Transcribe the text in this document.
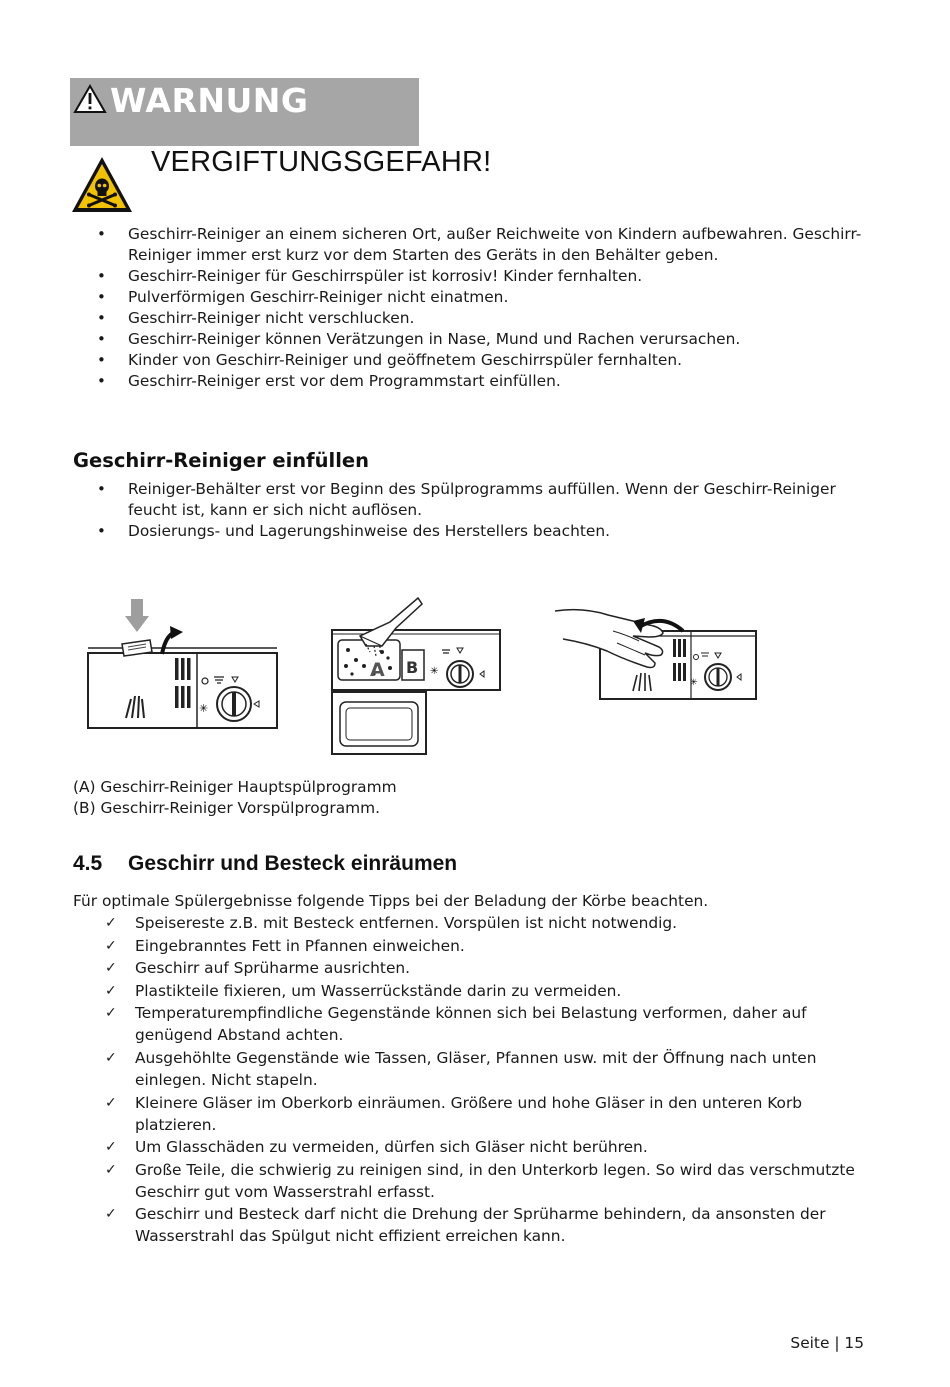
WARNUNG
VERGIFTUNGSGEFAHR!
• Geschirr-Reiniger an einem sicheren Ort, außer Reichweite von Kindern aufbewahren. Geschirr-Reiniger immer erst kurz vor dem Starten des Geräts in den Behälter geben.
• Geschirr-Reiniger für Geschirrspüler ist korrosiv! Kinder fernhalten.
• Pulverförmigen Geschirr-Reiniger nicht einatmen.
• Geschirr-Reiniger nicht verschlucken.
• Geschirr-Reiniger können Verätzungen in Nase, Mund und Rachen verursachen.
• Kinder von Geschirr-Reiniger und geöffnetem Geschirrspüler fernhalten.
• Geschirr-Reiniger erst vor dem Programmstart einfüllen.
Geschirr-Reiniger einfüllen
• Reiniger-Behälter erst vor Beginn des Spülprogramms auffüllen. Wenn der Geschirr-Reiniger feucht ist, kann er sich nicht auflösen.
• Dosierungs- und Lagerungshinweise des Herstellers beachten.
✳
A B ✳
✳
(A) Geschirr-Reiniger Hauptspülprogramm
(B) Geschirr-Reiniger Vorspülprogramm.
4.5 Geschirr und Besteck einräumen
Für optimale Spülergebnisse folgende Tipps bei der Beladung der Körbe beachten.
✓ Speisereste z.B. mit Besteck entfernen. Vorspülen ist nicht notwendig.
✓ Eingebranntes Fett in Pfannen einweichen.
✓ Geschirr auf Sprüharme ausrichten.
✓ Plastikteile fixieren, um Wasserrückstände darin zu vermeiden.
✓ Temperaturempfindliche Gegenstände können sich bei Belastung verformen, daher auf genügend Abstand achten.
✓ Ausgehöhlte Gegenstände wie Tassen, Gläser, Pfannen usw. mit der Öffnung nach unten einlegen. Nicht stapeln.
✓ Kleinere Gläser im Oberkorb einräumen. Größere und hohe Gläser in den unteren Korb platzieren.
✓ Um Glasschäden zu vermeiden, dürfen sich Gläser nicht berühren.
✓ Große Teile, die schwierig zu reinigen sind, in den Unterkorb legen. So wird das verschmutzte Geschirr gut vom Wasserstrahl erfasst.
✓ Geschirr und Besteck darf nicht die Drehung der Sprüharme behindern, da ansonsten der Wasserstrahl das Spülgut nicht effizient erreichen kann.
Seite | 15
